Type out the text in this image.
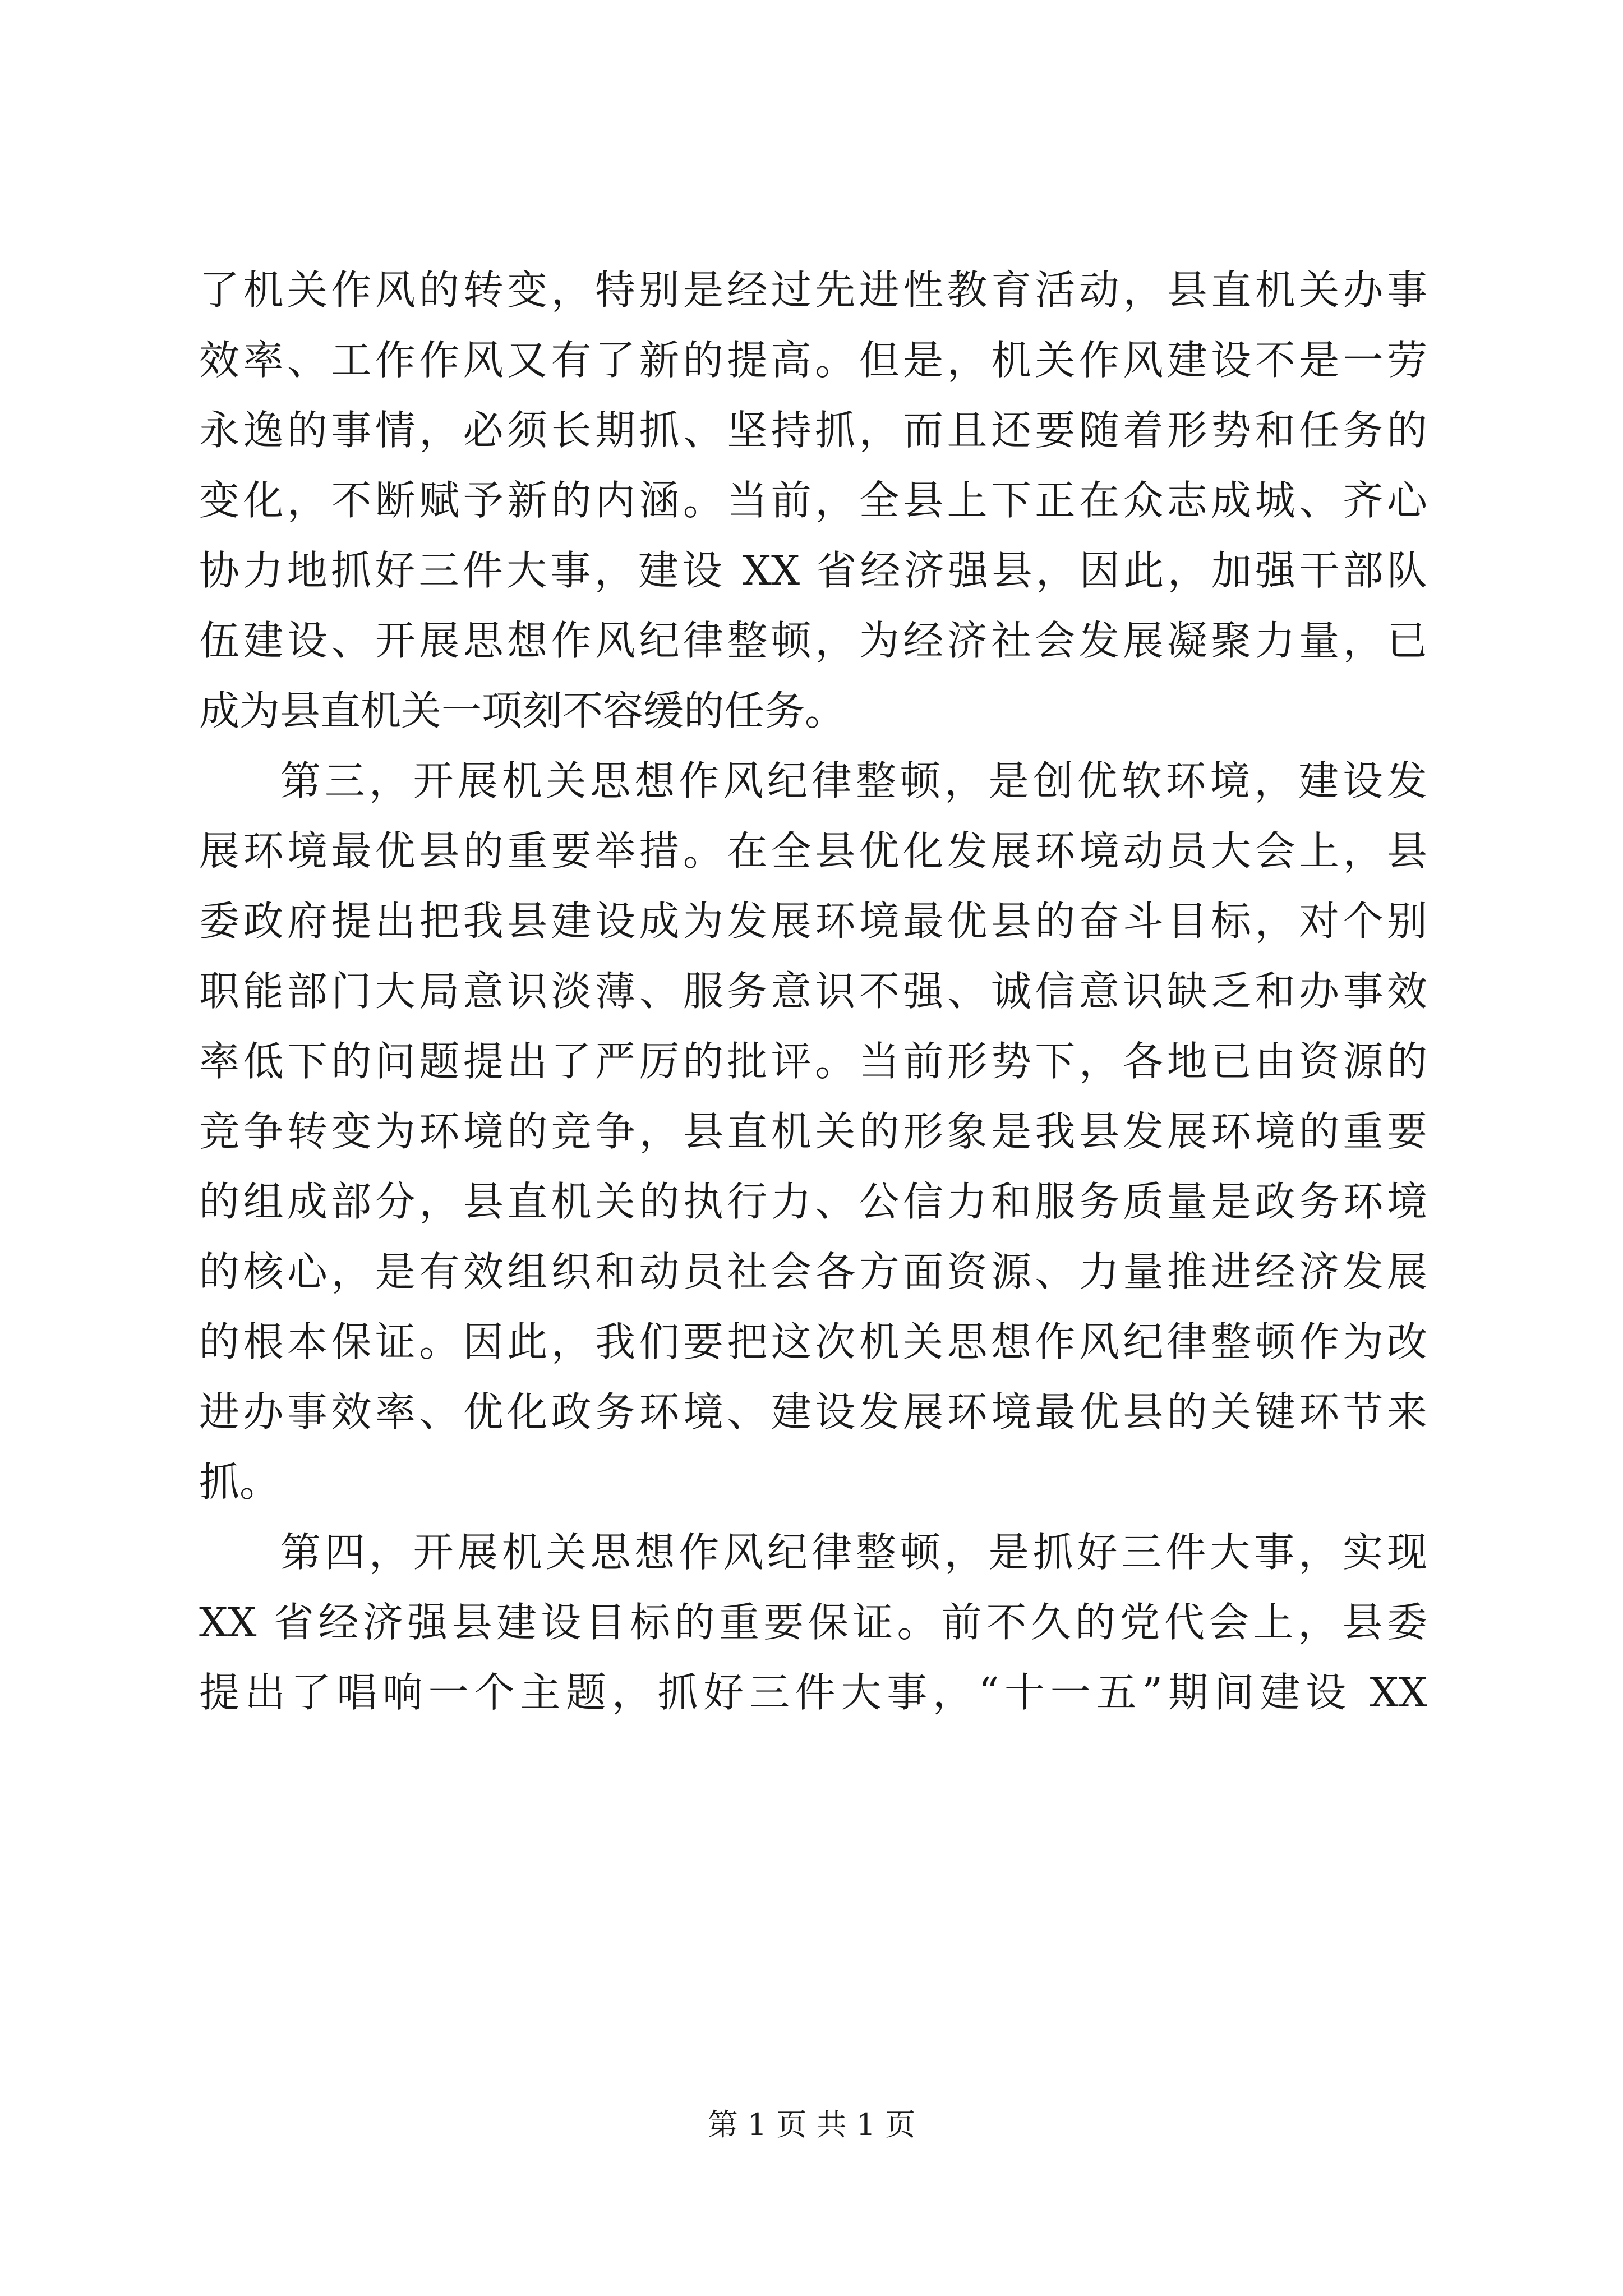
了机关作风的转变，特别是经过先进性教育活动，县直机关办事
效率、工作作风又有了新的提高。但是，机关作风建设不是一劳
永逸的事情，必须长期抓、坚持抓，而且还要随着形势和任务的
变化，不断赋予新的内涵。当前，全县上下正在众志成城、齐心
协力地抓好三件大事，建设 XX 省经济强县，因此，加强干部队
伍建设、开展思想作风纪律整顿，为经济社会发展凝聚力量，已
成为县直机关一项刻不容缓的任务。
第三，开展机关思想作风纪律整顿，是创优软环境，建设发
展环境最优县的重要举措。在全县优化发展环境动员大会上，县
委政府提出把我县建设成为发展环境最优县的奋斗目标，对个别
职能部门大局意识淡薄、服务意识不强、诚信意识缺乏和办事效
率低下的问题提出了严厉的批评。当前形势下，各地已由资源的
竞争转变为环境的竞争，县直机关的形象是我县发展环境的重要
的组成部分，县直机关的执行力、公信力和服务质量是政务环境
的核心，是有效组织和动员社会各方面资源、力量推进经济发展
的根本保证。因此，我们要把这次机关思想作风纪律整顿作为改
进办事效率、优化政务环境、建设发展环境最优县的关键环节来
抓。
第四，开展机关思想作风纪律整顿，是抓好三件大事，实现
XX 省经济强县建设目标的重要保证。前不久的党代会上，县委
提出了唱响一个主题，抓好三件大事，“十一五”期间建设 XX
第 1 页 共 1 页
